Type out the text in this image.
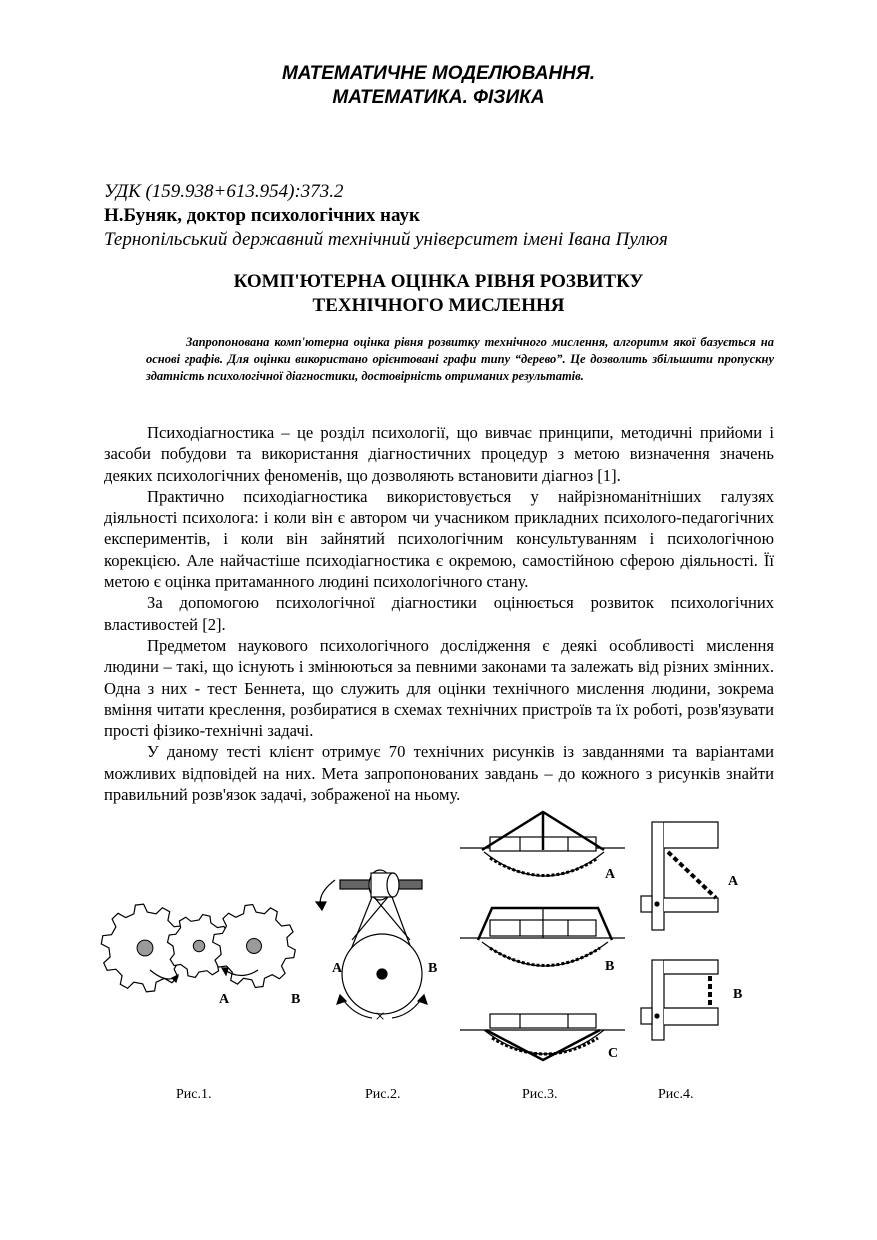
МАТЕМАТИЧНЕ МОДЕЛЮВАННЯ.
МАТЕМАТИКА. ФІЗИКА
УДК (159.938+613.954):373.2
Н.Буняк, доктор психологічних наук
Тернопільський державний технічний університет імені Івана Пулюя
КОМП'ЮТЕРНА ОЦІНКА РІВНЯ РОЗВИТКУ
ТЕХНІЧНОГО МИСЛЕННЯ
Запропонована комп'ютерна оцінка рівня розвитку технічного мислення, алгоритм якої базується на основі графів. Для оцінки використано орієнтовані графи типу “дерево”. Це дозволить збільшити пропускну здатність психологічної діагностики, достовірність отриманих результатів.

Психодіагностика – це розділ психології, що вивчає принципи, методичні прийоми і засоби побудови та використання діагностичних процедур з метою визначення значень деяких психологічних феноменів, що дозволяють встановити діагноз [1].

Практично психодіагностика використовується у найрізноманітніших галузях діяльності психолога: і коли він є автором чи учасником прикладних психолого-педагогічних експериментів, і коли він зайнятий психологічним консультуванням і психологічною корекцією. Але найчастіше психодіагностика є окремою, самостійною сферою діяльності. Її метою є оцінка притаманного людині психологічного стану.

За допомогою психологічної діагностики оцінюється розвиток психологічних властивостей [2].

Предметом наукового психологічного дослідження є деякі особливості мислення людини – такі, що існують і змінюються за певними законами та залежать від різних змінних. Одна з них - тест Беннета, що служить для оцінки технічного мислення людини, зокрема вміння читати креслення, розбиратися в схемах технічних пристроїв та їх роботі, розв'язувати прості фізико-технічні задачі.

У даному тесті клієнт отримує 70 технічних рисунків із завданнями та варіантами можливих відповідей на них. Мета запропонованих завдань – до кожного з рисунків знайти правильний розв'язок задачі, зображеної на ньому.

A	B
A	B
×
A
B
C
A
B
Рис.1.	Рис.2.	Рис.3.	Рис.4.
